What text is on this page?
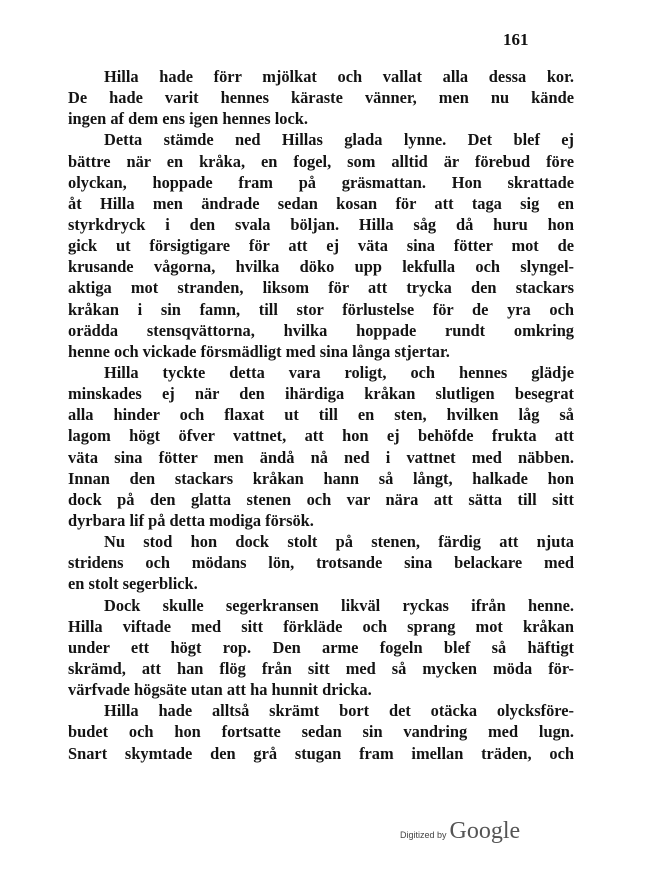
161
Hilla hade förr mjölkat och vallat alla dessa kor.
De hade varit hennes käraste vänner, men nu kände
ingen af dem ens igen hennes lock.
Detta stämde ned Hillas glada lynne. Det blef ej
bättre när en kråka, en fogel, som alltid är förebud före
olyckan, hoppade fram på gräsmattan. Hon skrattade
åt Hilla men ändrade sedan kosan för att taga sig en
styrkdryck i den svala böljan. Hilla såg då huru hon
gick ut försigtigare för att ej väta sina fötter mot de
krusande vågorna, hvilka döko upp lekfulla och slyngel-
aktiga mot stranden, liksom för att trycka den stackars
kråkan i sin famn, till stor förlustelse för de yra och
orädda stensqvättorna, hvilka hoppade rundt omkring
henne och vickade försmädligt med sina långa stjertar.
Hilla tyckte detta vara roligt, och hennes glädje
minskades ej när den ihärdiga kråkan slutligen besegrat
alla hinder och flaxat ut till en sten, hvilken låg så
lagom högt öfver vattnet, att hon ej behöfde frukta att
väta sina fötter men ändå nå ned i vattnet med näbben.
Innan den stackars kråkan hann så långt, halkade hon
dock på den glatta stenen och var nära att sätta till sitt
dyrbara lif på detta modiga försök.
Nu stod hon dock stolt på stenen, färdig att njuta
stridens och mödans lön, trotsande sina belackare med
en stolt segerblick.
Dock skulle segerkransen likväl ryckas ifrån henne.
Hilla viftade med sitt förkläde och sprang mot kråkan
under ett högt rop. Den arme fogeln blef så häftigt
skrämd, att han flög från sitt med så mycken möda för-
värfvade högsäte utan att ha hunnit dricka.
Hilla hade alltså skrämt bort det otäcka olycksföre-
budet och hon fortsatte sedan sin vandring med lugn.
Snart skymtade den grå stugan fram imellan träden, och
Digitized by Google
